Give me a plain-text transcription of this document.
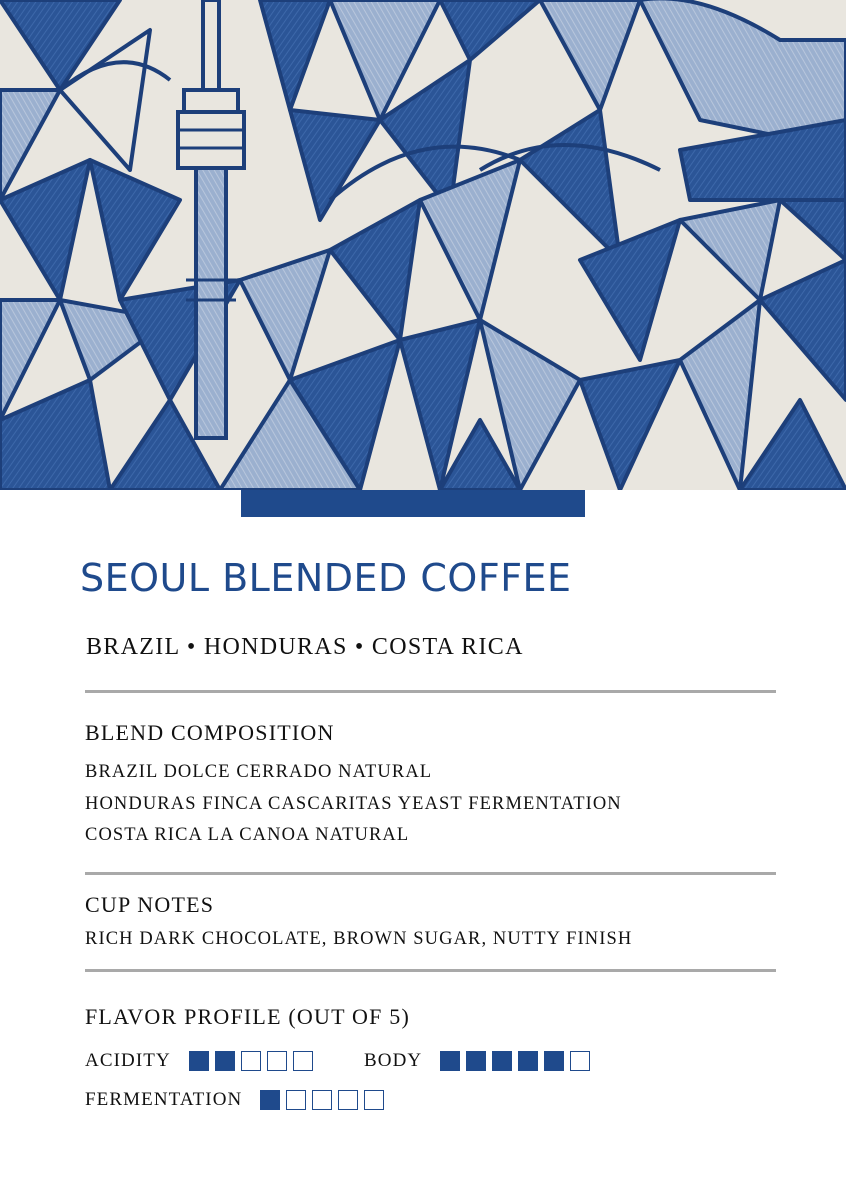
SEOUL BLENDED COFFEE
BRAZIL • HONDURAS • COSTA RICA
BLEND COMPOSITION
BRAZIL DOLCE CERRADO NATURAL
HONDURAS FINCA CASCARITAS YEAST FERMENTATION
COSTA RICA LA CANOA NATURAL
CUP NOTES
RICH DARK CHOCOLATE, BROWN SUGAR, NUTTY FINISH
FLAVOR PROFILE (OUT OF 5)
ACIDITY	BODY
FERMENTATION
